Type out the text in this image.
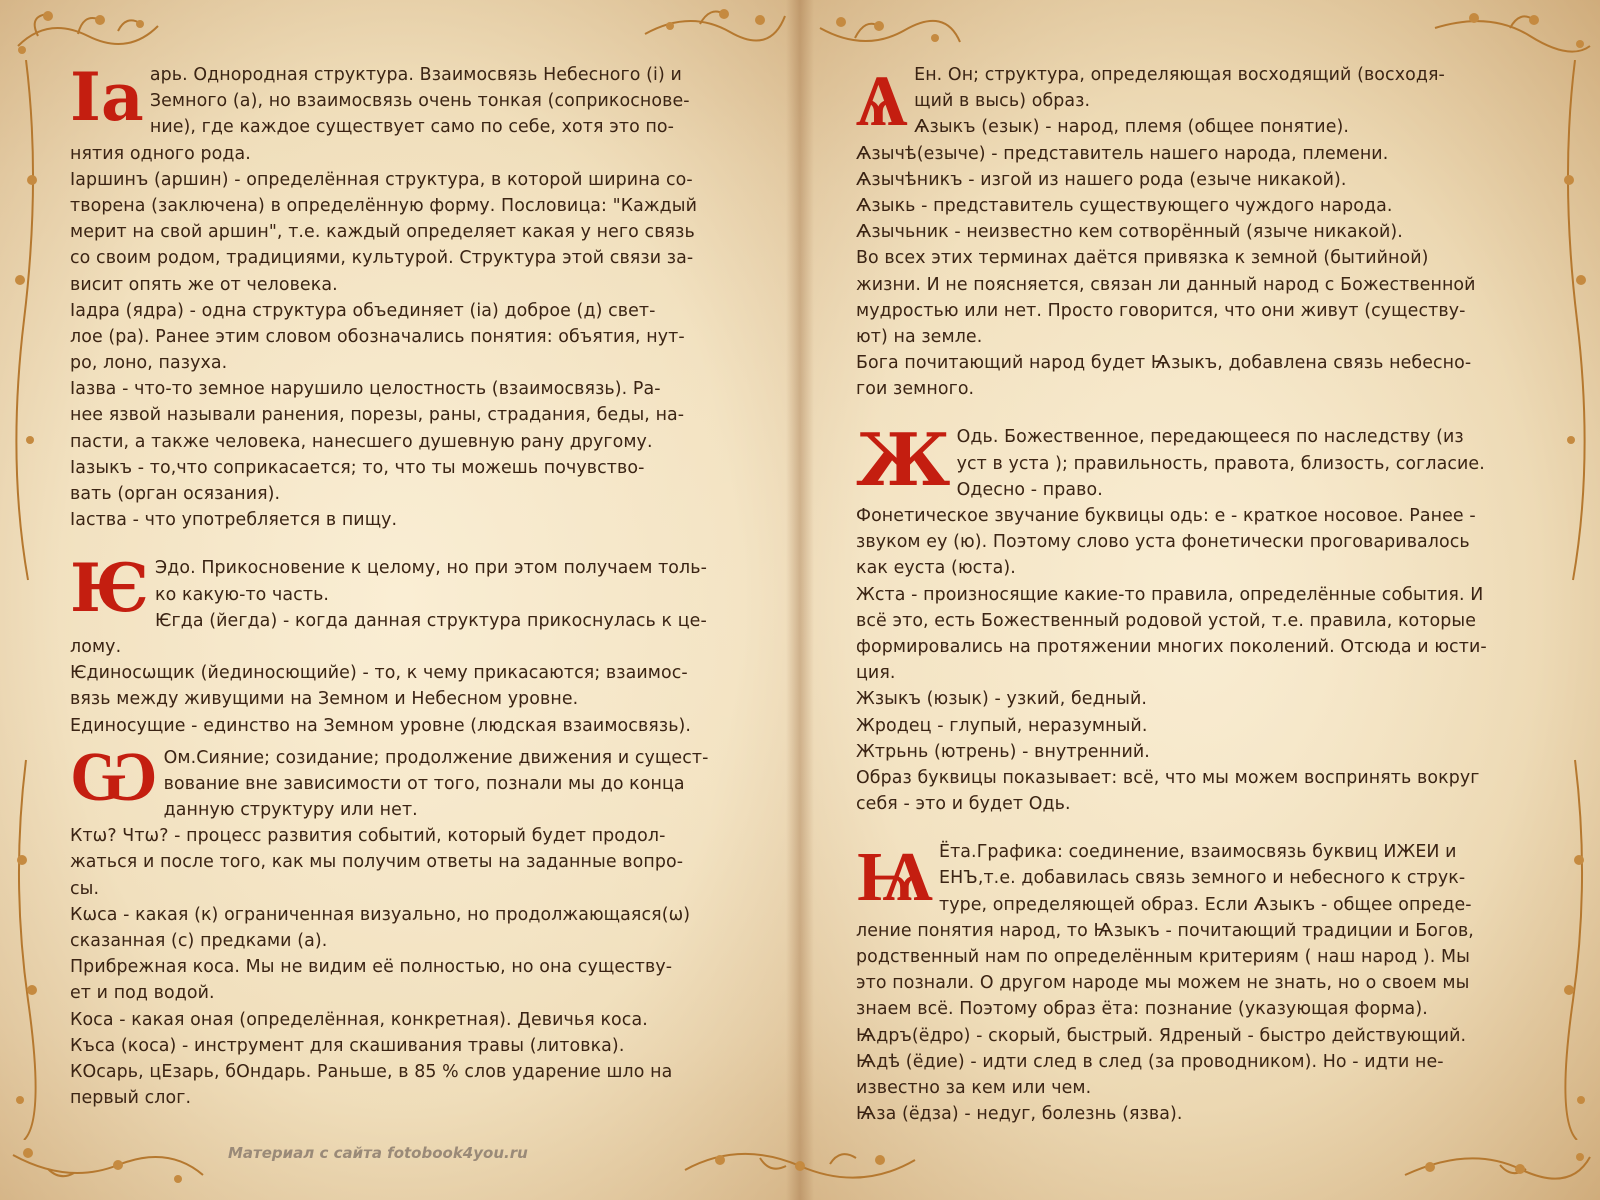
Iа арь. Однородная структура. Взаимосвязь Небесного (і) и
Земного (а), но взаимосвязь очень тонкая (соприкоснове-
ние), где каждое существует само по себе, хотя это по-
нятия одного рода.
Іаршинъ (аршин) - определённая структура, в которой ширина со-
творена (заключена) в определённую форму. Пословица: "Каждый
мерит на свой аршин", т.е. каждый определяет какая у него связь
со своим родом, традициями, культурой. Структура этой связи за-
висит опять же от человека.
Іадра (ядра) - одна структура объединяет (іа) доброе (д) свет-
лое (ра). Ранее этим словом обозначались понятия: объятия, нут-
ро, лоно, пазуха.
Іазва - что-то земное нарушило целостность (взаимосвязь). Ра-
нее язвой называли ранения, порезы, раны, страдания, беды, на-
пасти, а также человека, нанесшего душевную рану другому.
Іазыкъ - то,что соприкасается; то, что ты можешь почувство-
вать (орган осязания).
Іаства - что употребляется в пищу.
Ѥ Эдо. Прикосновение к целому, но при этом получаем толь-
ко какую-то часть.
Ѥгда (йегда) - когда данная структура прикоснулась к це-
лому.
Ѥдиносѡщик (йединосющийе) - то, к чему прикасаются; взаимос-
вязь между живущими на Земном и Небесном уровне.
Единосущие - единство на Земном уровне (людская взаимосвязь).
Ѡ Ом.Сияние; созидание; продолжение движения и сущест-
вование вне зависимости от того, познали мы до конца
данную структуру или нет.
Ктѡ? Чтѡ? - процесс развития событий, который будет продол-
жаться и после того, как мы получим ответы на заданные вопро-
сы.
Кѡса - какая (к) ограниченная визуально, но продолжающаяся(ѡ)
сказанная (с) предками (а).
Прибрежная коса. Мы не видим её полностью, но она существу-
ет и под водой.
Коса - какая оная (определённая, конкретная). Девичья коса.
Къса (коса) - инструмент для скашивания травы (литовка).
КОсарь, цЕзарь, бОндарь. Раньше, в 85 % слов ударение шло на
первый слог.
Материал с сайта fotobook4you.ru
Ѧ Ен. Он; структура, определяющая восходящий (восходя-
щий в высь) образ.
Ѧзыкъ (езык) - народ, племя (общее понятие).
Ѧзычѣ(езыче) - представитель нашего народа, племени.
Ѧзычѣникъ - изгой из нашего рода (езыче никакой).
Ѧзыкь - представитель существующего чуждого народа.
Ѧзычьник - неизвестно кем сотворённый (языче никакой).
Во всех этих терминах даётся привязка к земной (бытийной)
жизни. И не поясняется, связан ли данный народ с Божественной
мудростью или нет. Просто говорится, что они живут (существу-
ют) на земле.
Бога почитающий народ будет Ѩзыкъ, добавлена связь небесно-
гои земного.
Ж Одь. Божественное, передающееся по наследству (из
уст в уста ); правильность, правота, близость, согласие.
Одесно - право.
Фонетическое звучание буквицы одь: е - краткое носовое. Ранее -
звуком еу (ю). Поэтому слово уста фонетически проговаривалось
как еуста (юста).
Жста - произносящие какие-то правила, определённые события. И
всё это, есть Божественный родовой устой, т.е. правила, которые
формировались на протяжении многих поколений. Отсюда и юсти-
ция.
Жзыкъ (юзык) - узкий, бедный.
Жродец - глупый, неразумный.
Жтрьнь (ютрень) - внутренний.
Образ буквицы показывает: всё, что мы можем воспринять вокруг
себя - это и будет Одь.
Ѩ Ёта.Графика: соединение, взаимосвязь буквиц ИЖЕИ и
ЕНЪ,т.е. добавилась связь земного и небесного к струк-
туре, определяющей образ. Если Ѧзыкъ - общее опреде-
ление понятия народ, то Ѩзыкъ - почитающий традиции и Богов,
родственный нам по определённым критериям ( наш народ ). Мы
это познали. О другом народе мы можем не знать, но о своем мы
знаем всё. Поэтому образ ёта: познание (указующая форма).
Ѩдръ(ёдро) - скорый, быстрый. Ядреный - быстро действующий.
Ѩдѣ (ёдие) - идти след в след (за проводником). Но - идти не-
известно за кем или чем.
Ѩза (ёдза) - недуг, болезнь (язва).
